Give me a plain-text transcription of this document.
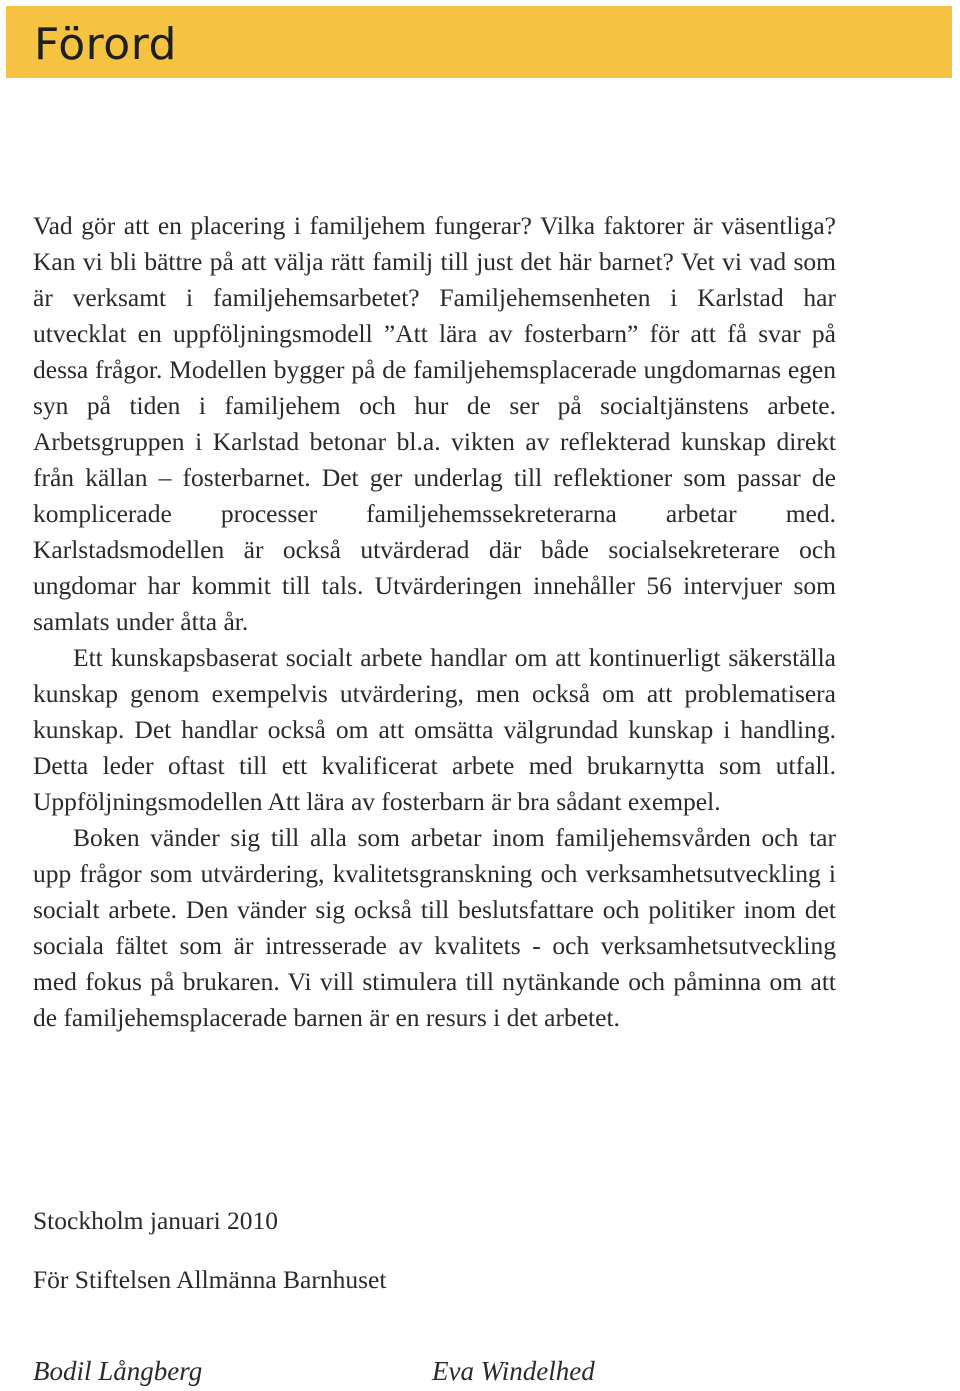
Förord

Vad gör att en placering i familjehem fungerar? Vilka faktorer är väsentliga? Kan vi bli bättre på att välja rätt familj till just det här barnet? Vet vi vad som är verksamt i familjehemsarbetet? Familjehemsenheten i Karlstad har utvecklat en uppföljningsmodell ”Att lära av fosterbarn” för att få svar på dessa frågor. Modellen bygger på de familjehemsplacerade ungdomarnas egen syn på tiden i familjehem och hur de ser på socialtjänstens arbete. Arbetsgruppen i Karlstad betonar bl.a. vikten av reflekterad kunskap direkt från källan – fosterbarnet. Det ger underlag till reflektioner som passar de komplicerade processer familjehemssekreterarna arbetar med. Karlstadsmodellen är också utvärderad där både socialsekreterare och ungdomar har kommit till tals. Utvärderingen innehåller 56 intervjuer som samlats under åtta år.

Ett kunskapsbaserat socialt arbete handlar om att kontinuerligt säkerställa kunskap genom exempelvis utvärdering, men också om att problematisera kunskap. Det handlar också om att omsätta välgrundad kunskap i handling. Detta leder oftast till ett kvalificerat arbete med brukarnytta som utfall. Uppföljningsmodellen Att lära av fosterbarn är bra sådant exempel.

Boken vänder sig till alla som arbetar inom familjehemsvården och tar upp frågor som utvärdering, kvalitetsgranskning och verksamhetsutveckling i socialt arbete. Den vänder sig också till beslutsfattare och politiker inom det sociala fältet som är intresserade av kvalitets - och verksamhetsutveckling med fokus på brukaren. Vi vill stimulera till nytänkande och påminna om att de familjehemsplacerade barnen är en resurs i det arbetet.

Stockholm januari 2010

För Stiftelsen Allmänna Barnhuset

Bodil Långberg	Eva Windelhed
